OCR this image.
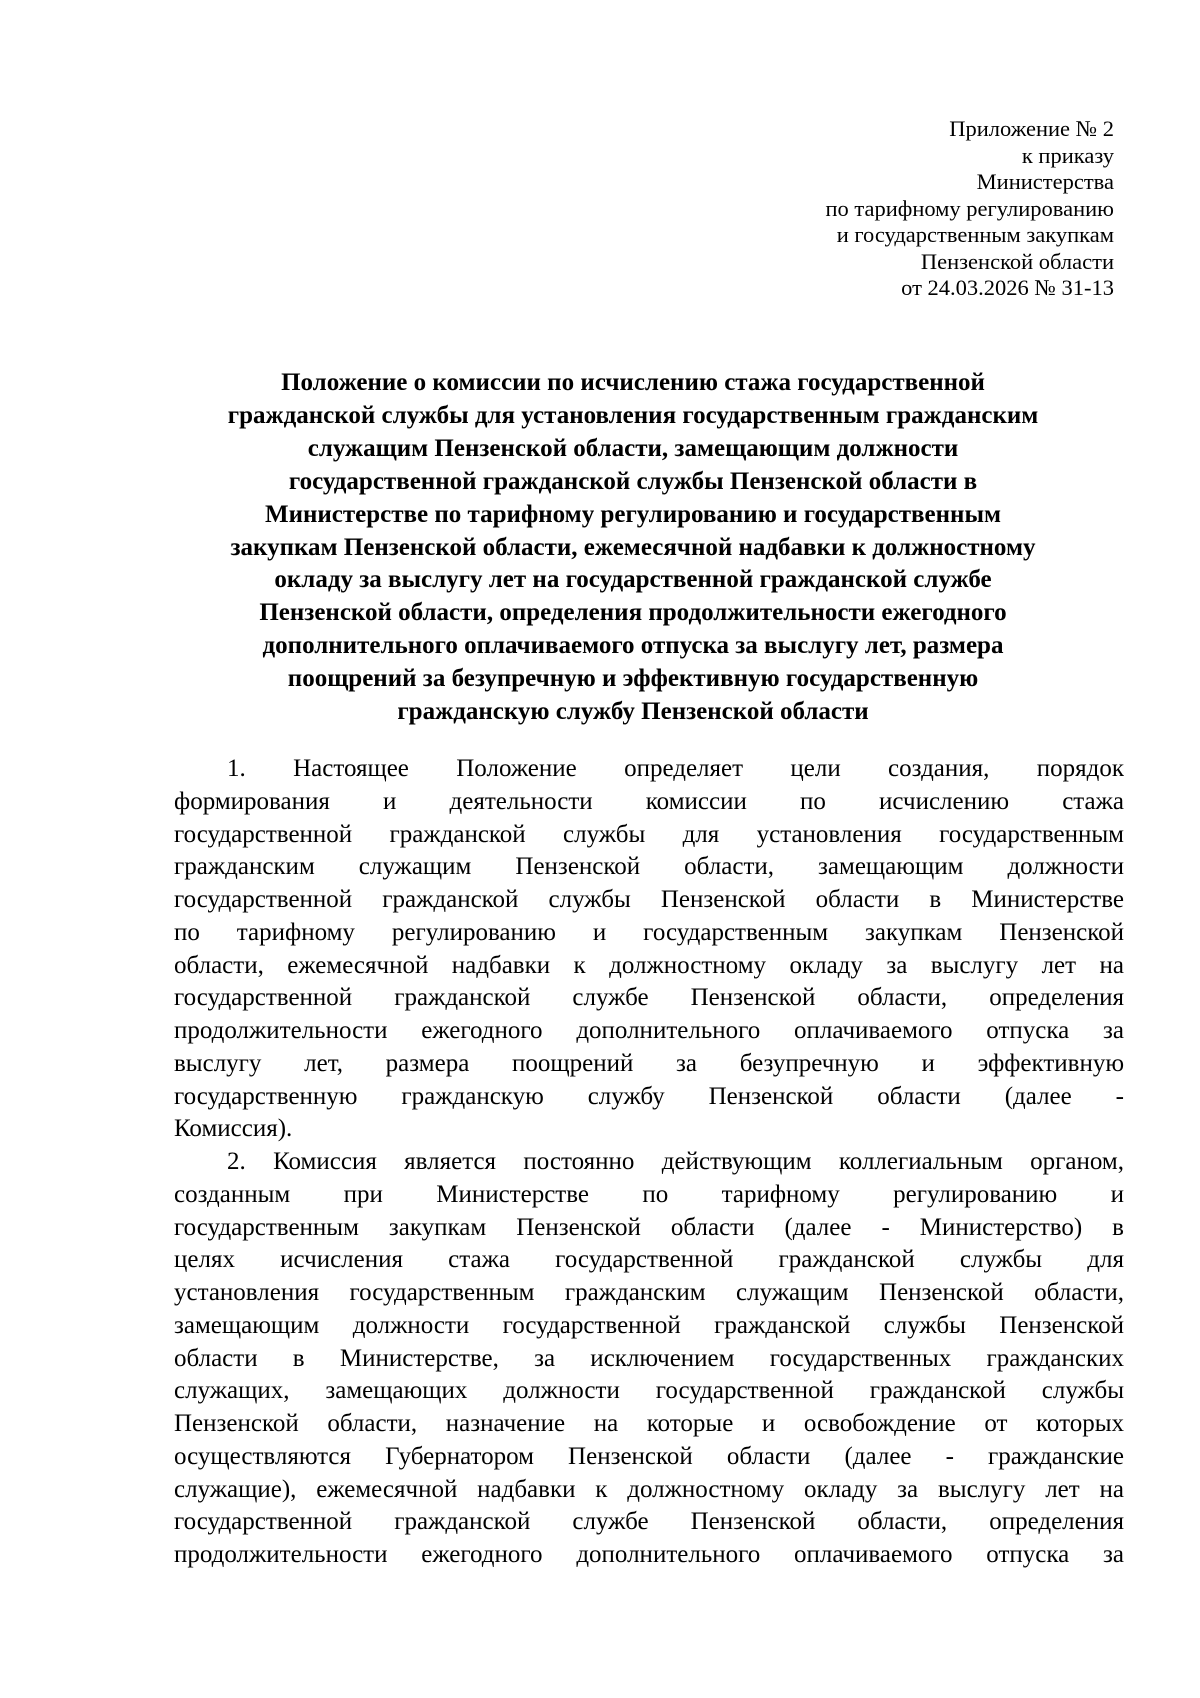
Приложение № 2
к приказу
Министерства
по тарифному регулированию
и государственным закупкам
Пензенской области
от 24.03.2026 № 31-13
Положение о комиссии по исчислению стажа государственной
гражданской службы для установления государственным гражданским
служащим Пензенской области, замещающим должности
государственной гражданской службы Пензенской области в
Министерстве по тарифному регулированию и государственным
закупкам Пензенской области, ежемесячной надбавки к должностному
окладу за выслугу лет на государственной гражданской службе
Пензенской области, определения продолжительности ежегодного
дополнительного оплачиваемого отпуска за выслугу лет, размера
поощрений за безупречную и эффективную государственную
гражданскую службу Пензенской области
1. Настоящее Положение определяет цели создания, порядок
формирования и деятельности комиссии по исчислению стажа
государственной гражданской службы для установления государственным
гражданским служащим Пензенской области, замещающим должности
государственной гражданской службы Пензенской области в Министерстве
по тарифному регулированию и государственным закупкам Пензенской
области, ежемесячной надбавки к должностному окладу за выслугу лет на
государственной гражданской службе Пензенской области, определения
продолжительности ежегодного дополнительного оплачиваемого отпуска за
выслугу лет, размера поощрений за безупречную и эффективную
государственную гражданскую службу Пензенской области (далее -
Комиссия).
2. Комиссия является постоянно действующим коллегиальным органом,
созданным при Министерстве по тарифному регулированию и
государственным закупкам Пензенской области (далее - Министерство) в
целях исчисления стажа государственной гражданской службы для
установления государственным гражданским служащим Пензенской области,
замещающим должности государственной гражданской службы Пензенской
области в Министерстве, за исключением государственных гражданских
служащих, замещающих должности государственной гражданской службы
Пензенской области, назначение на которые и освобождение от которых
осуществляются Губернатором Пензенской области (далее - гражданские
служащие), ежемесячной надбавки к должностному окладу за выслугу лет на
государственной гражданской службе Пензенской области, определения
продолжительности ежегодного дополнительного оплачиваемого отпуска за
